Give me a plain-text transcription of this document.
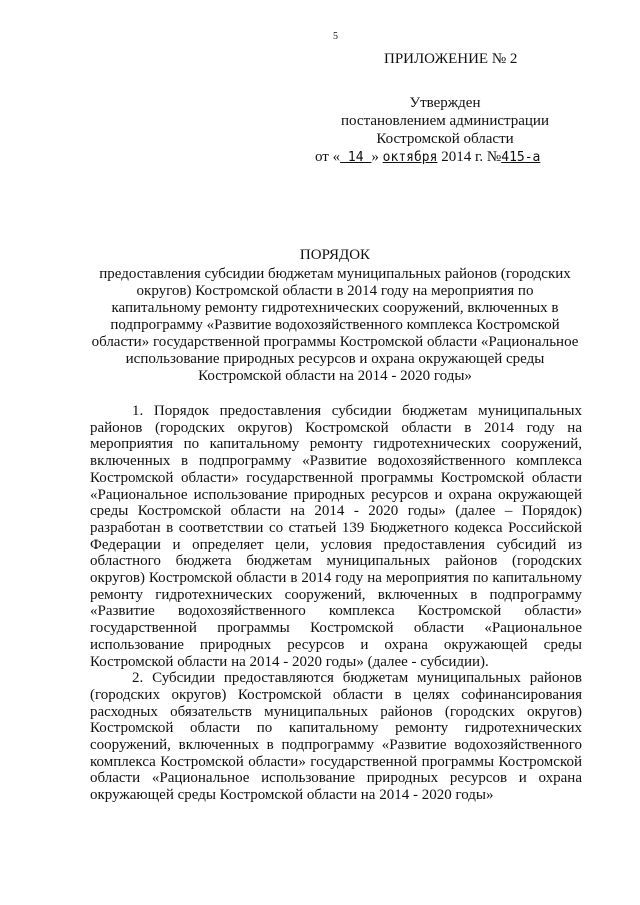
5
ПРИЛОЖЕНИЕ № 2
Утвержден
постановлением администрации
Костромской области
от « 14 » октября 2014 г. №415-а
ПОРЯДОК
предоставления субсидии бюджетам муниципальных районов (городских округов) Костромской области в 2014 году на мероприятия по капитальному ремонту гидротехнических сооружений, включенных в подпрограмму «Развитие водохозяйственного комплекса Костромской области» государственной программы Костромской области «Рациональное использование природных ресурсов и охрана окружающей среды Костромской области на 2014 - 2020 годы»

1. Порядок предоставления субсидии бюджетам муниципальных районов (городских округов) Костромской области в 2014 году на мероприятия по капитальному ремонту гидротехнических сооружений, включенных в подпрограмму «Развитие водохозяйственного комплекса Костромской области» государственной программы Костромской области «Рациональное использование природных ресурсов и охрана окружающей среды Костромской области на 2014 - 2020 годы» (далее – Порядок) разработан в соответствии со статьей 139 Бюджетного кодекса Российской Федерации и определяет цели, условия предоставления субсидий из областного бюджета бюджетам муниципальных районов (городских округов) Костромской области в 2014 году на мероприятия по капитальному ремонту гидротехнических сооружений, включенных в подпрограмму «Развитие водохозяйственного комплекса Костромской области» государственной программы Костромской области «Рациональное использование природных ресурсов и охрана окружающей среды Костромской области на 2014 - 2020 годы» (далее - субсидии).

2. Субсидии предоставляются бюджетам муниципальных районов (городских округов) Костромской области в целях софинансирования расходных обязательств муниципальных районов (городских округов) Костромской области по капитальному ремонту гидротехнических сооружений, включенных в подпрограмму «Развитие водохозяйственного комплекса Костромской области» государственной программы Костромской области «Рациональное использование природных ресурсов и охрана окружающей среды Костромской области на 2014 - 2020 годы»
